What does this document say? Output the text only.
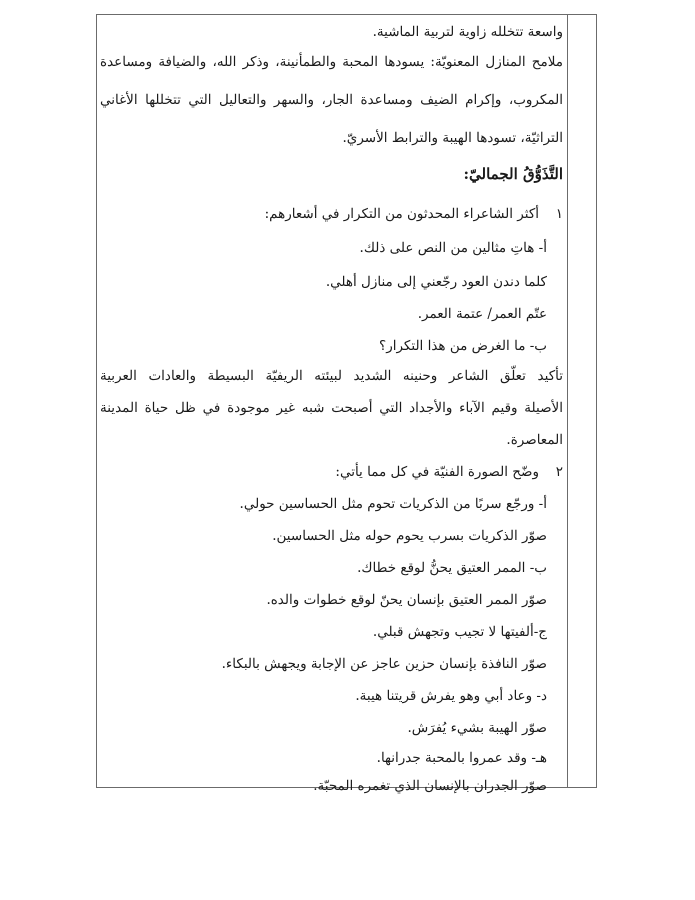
واسعة تتخلله زاوية لتربية الماشية.
ملامح المنازل المعنويّة: يسودها المحبة والطمأنينة، وذكر الله، والضيافة ومساعدة
المكروب، وإكرام الضيف ومساعدة الجار، والسهر والتعاليل التي تتخللها الأغاني
التراثيّة، تسودها الهيبة والترابط الأسريّ.
التَّذَوُّقُ الجماليّ:
١
أكثر الشاعراء المحدثون من التكرار في أشعارهم:
أ- هاتِ مثالين من النص على ذلك.
كلما دندن العود رجّعني إلى منازل أهلي.
عتّم العمر/ عتمة العمر.
ب- ما الغرض من هذا التكرار؟
تأكيد تعلّق الشاعر وحنينه الشديد لبيئته الريفيّة البسيطة والعادات العربية
الأصيلة وقيم الآباء والأجداد التي أصبحت شبه غير موجودة في ظل حياة المدينة
المعاصرة.
٢
وضّح الصورة الفنيّة في كل مما يأتي:
أ- ورجّع سربًا من الذكريات تحوم مثل الحساسين حولي.
صوّر الذكريات بسرب يحوم حوله مثل الحساسين.
ب- الممر العتيق يحنُّ لوقع خطاك.
صوّر الممر العتيق بإنسان يحنّ لوقع خطوات والده.
ج-ألفيتها لا تجيب وتجهش قبلي.
صوّر النافذة بإنسان حزين عاجز عن الإجابة ويجهش بالبكاء.
د- وعاد أبي وهو يفرش قريتنا هيبة.
صوّر الهيبة بشيء يُفرَش.
هـ- وقد عمروا بالمحبة جدرانها.
صوّر الجدران بالإنسان الذي تغمره المحبّة.
